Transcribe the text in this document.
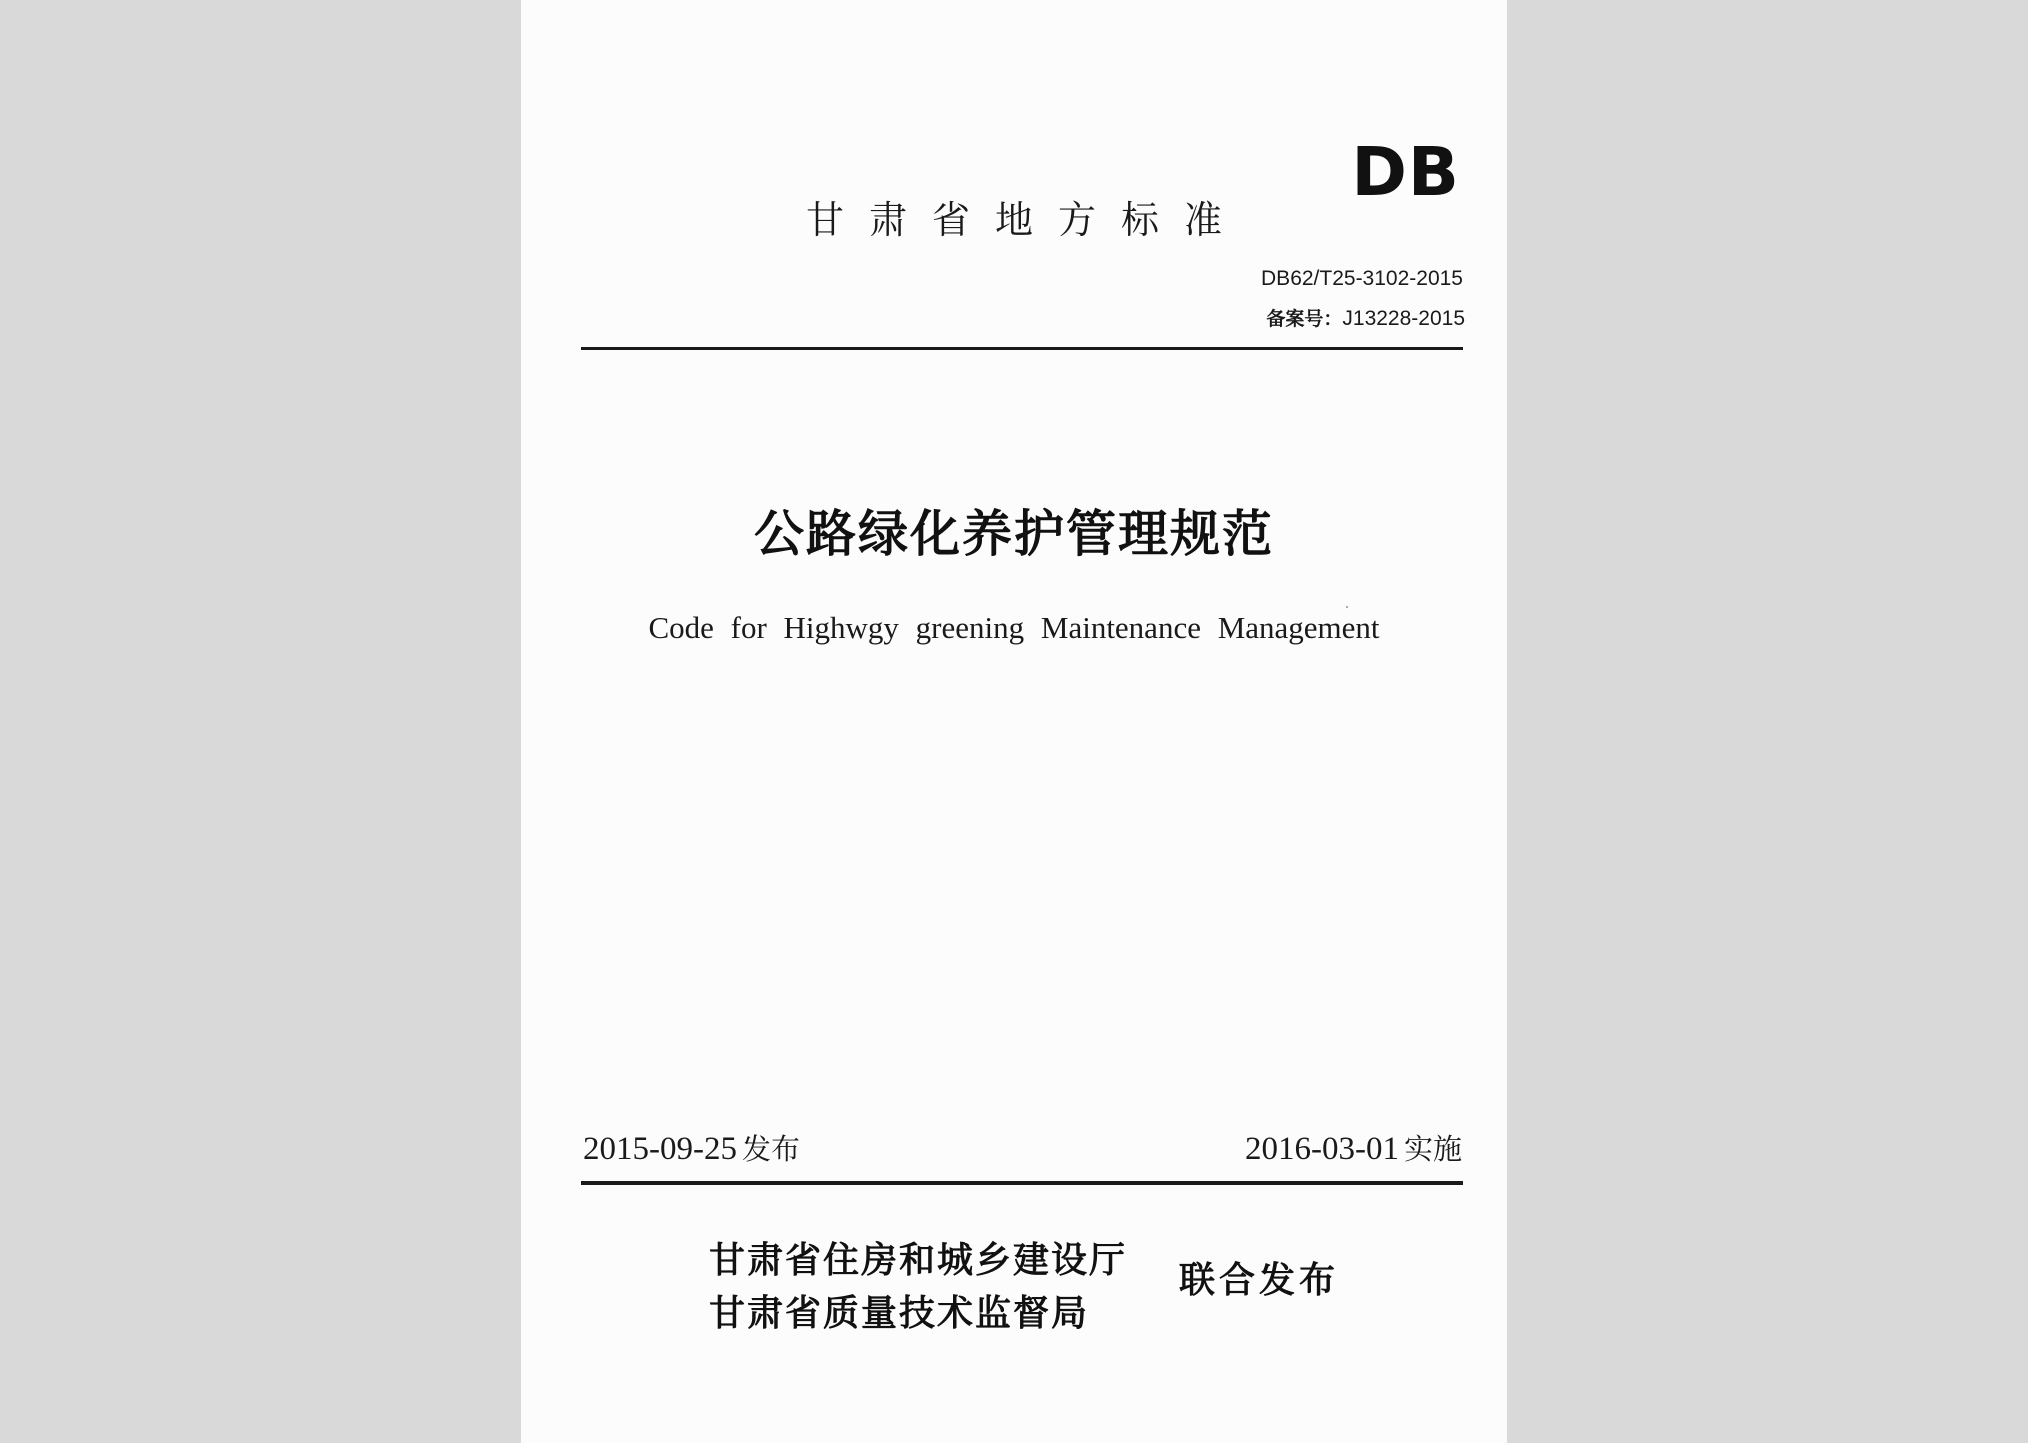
DB
甘肃省地方标准
DB62/T25-3102-2015
备案号：J13228-2015
公路绿化养护管理规范
Code for Highwgy greening Maintenance Management
2015-09-25 发布	2016-03-01 实施
甘肃省住房和城乡建设厅
甘肃省质量技术监督局
联合发布
